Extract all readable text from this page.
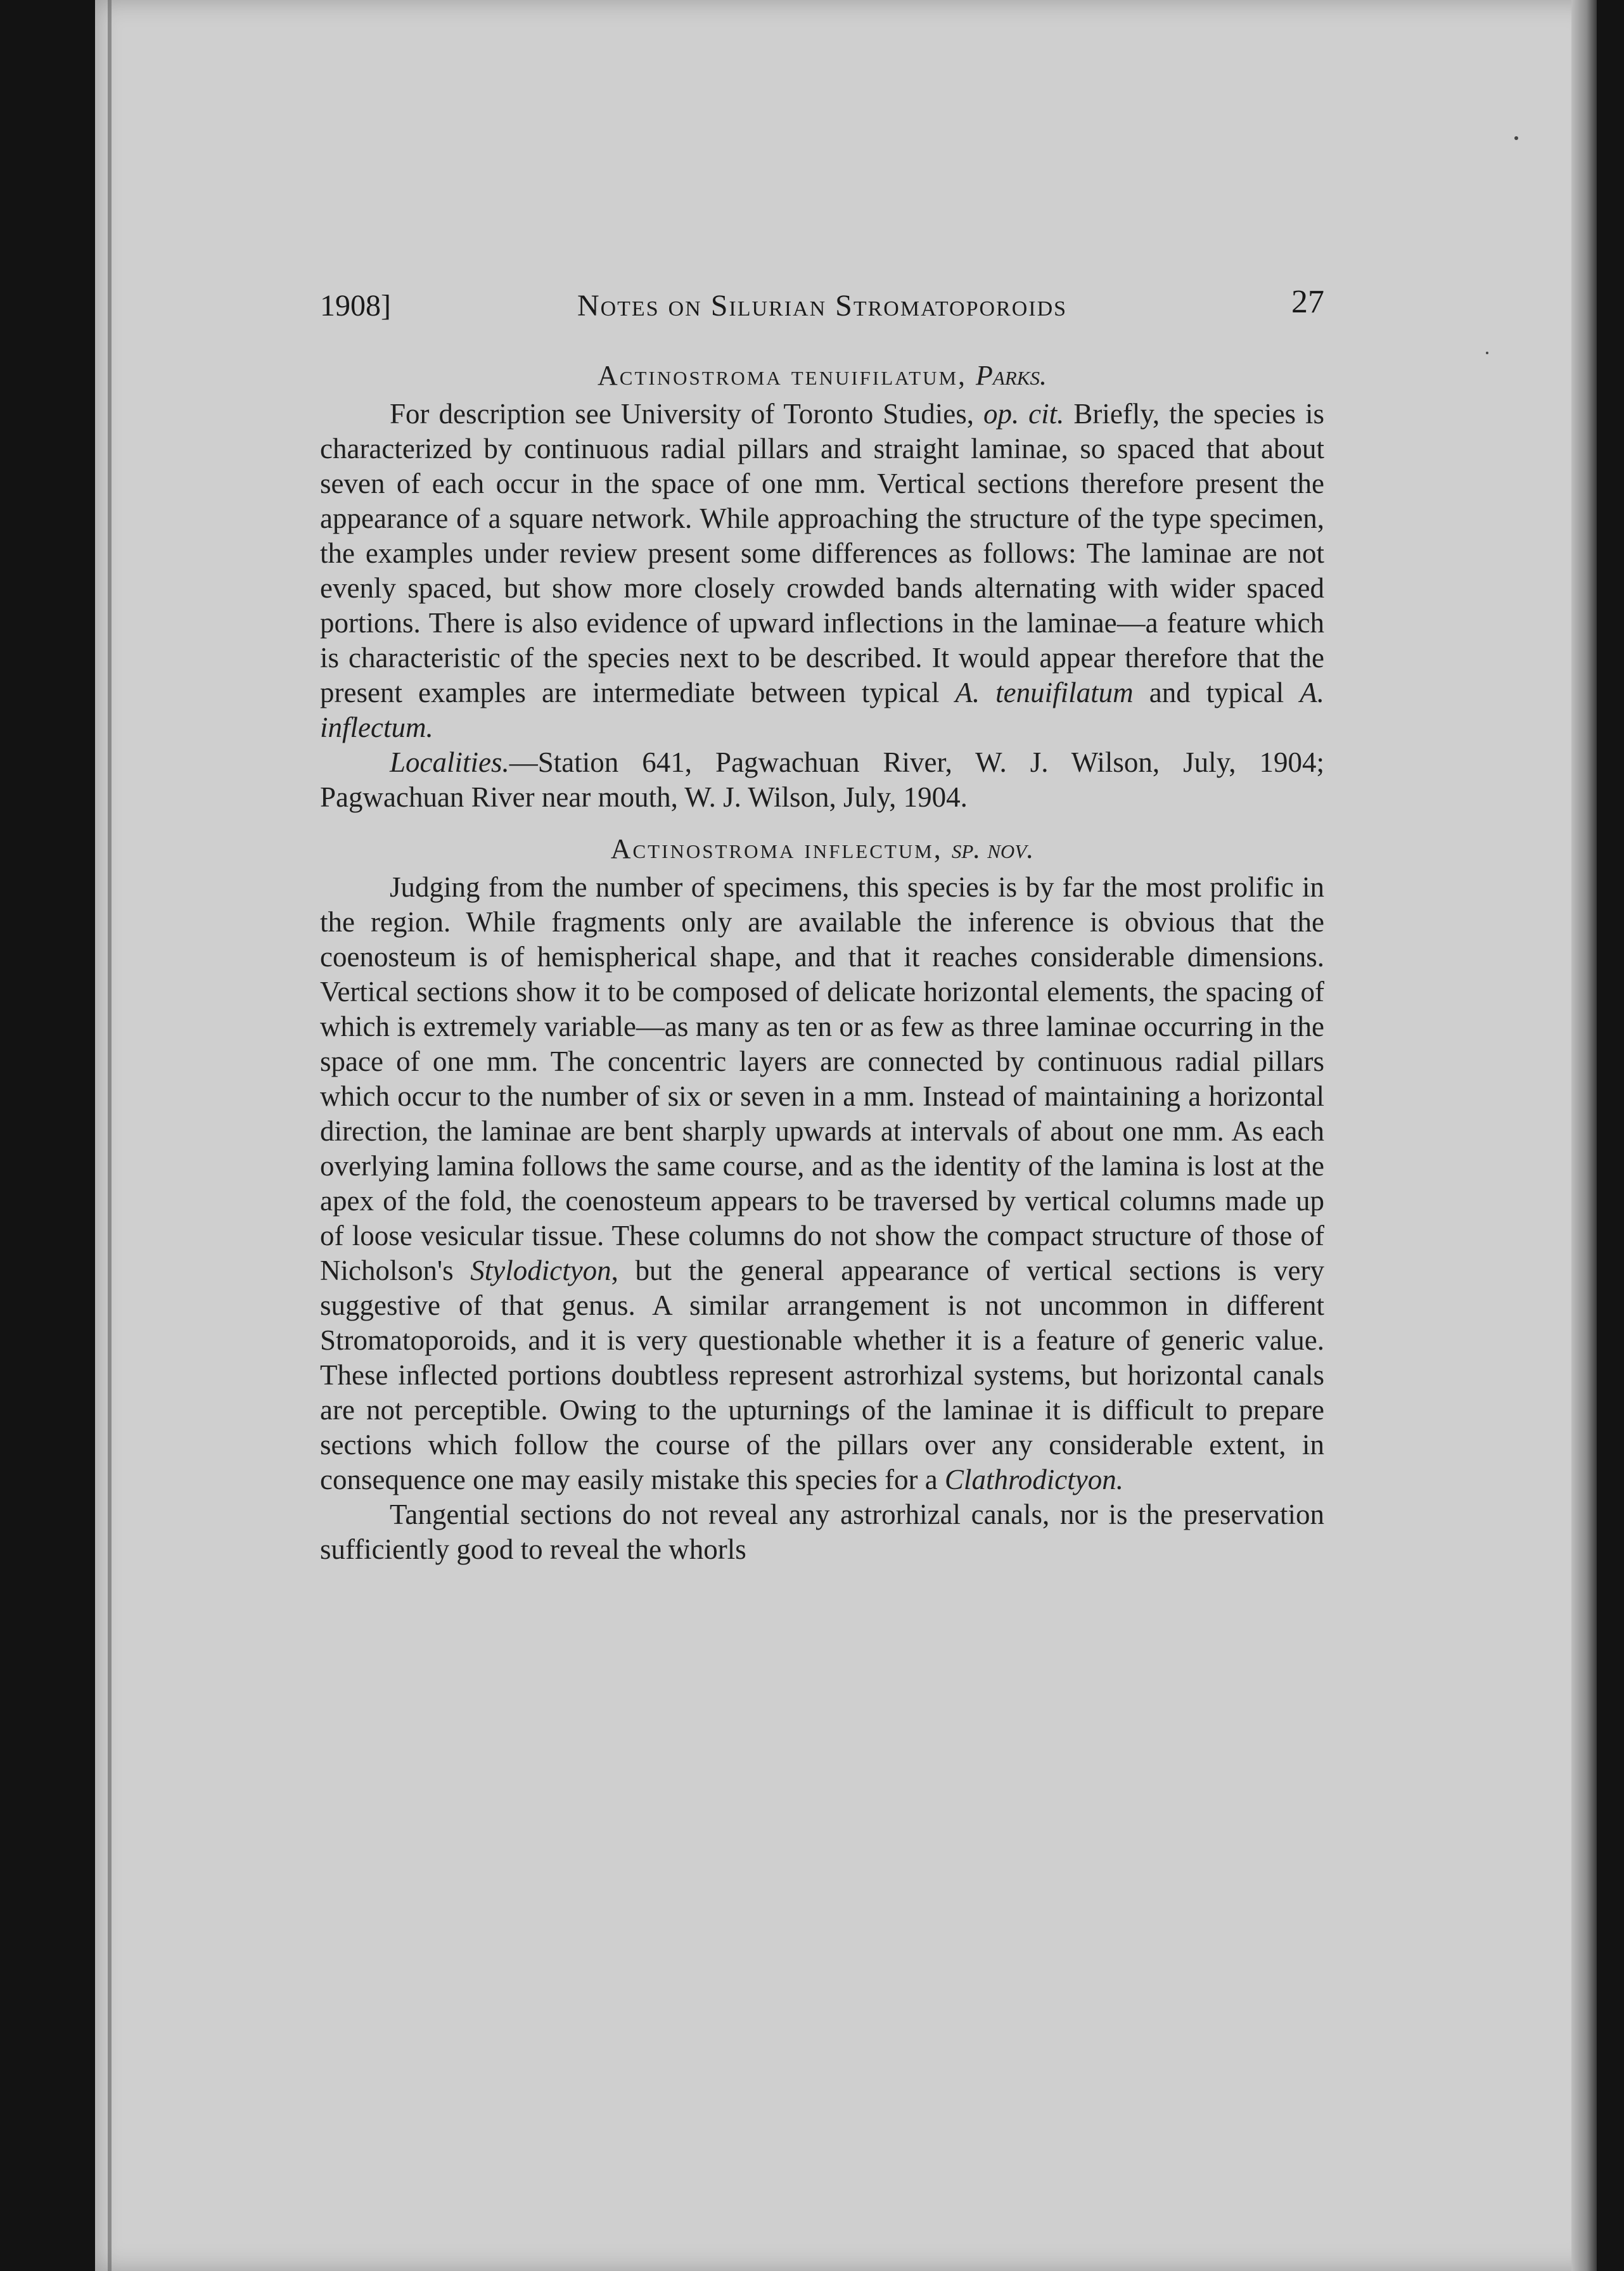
1908]	Notes on Silurian Stromatoporoids	27
Actinostroma tenuifilatum, Parks.

For description see University of Toronto Studies, op. cit. Briefly, the species is characterized by continuous radial pillars and straight laminae, so spaced that about seven of each occur in the space of one mm. Vertical sections therefore present the appearance of a square network. While approaching the structure of the type specimen, the examples under review present some differences as follows: The laminae are not evenly spaced, but show more closely crowded bands alternating with wider spaced portions. There is also evidence of upward inflections in the laminae—a feature which is characteristic of the species next to be described. It would appear therefore that the present examples are intermediate between typical A. tenuifilatum and typical A. inflectum.

Localities.—Station 641, Pagwachuan River, W. J. Wilson, July, 1904; Pagwachuan River near mouth, W. J. Wilson, July, 1904.

Actinostroma inflectum, sp. nov.

Judging from the number of specimens, this species is by far the most prolific in the region. While fragments only are available the inference is obvious that the coenosteum is of hemispherical shape, and that it reaches considerable dimensions. Vertical sections show it to be composed of delicate horizontal elements, the spacing of which is extremely variable—as many as ten or as few as three laminae occurring in the space of one mm. The concentric layers are connected by continuous radial pillars which occur to the number of six or seven in a mm. Instead of maintaining a horizontal direction, the laminae are bent sharply upwards at intervals of about one mm. As each overlying lamina follows the same course, and as the identity of the lamina is lost at the apex of the fold, the coenosteum appears to be traversed by vertical columns made up of loose vesicular tissue. These columns do not show the compact structure of those of Nicholson's Stylodictyon, but the general appearance of vertical sections is very suggestive of that genus. A similar arrangement is not uncommon in different Stromatoporoids, and it is very questionable whether it is a feature of generic value. These inflected portions doubtless represent astrorhizal systems, but horizontal canals are not perceptible. Owing to the upturnings of the laminae it is difficult to prepare sections which follow the course of the pillars over any considerable extent, in consequence one may easily mistake this species for a Clathrodictyon.

Tangential sections do not reveal any astrorhizal canals, nor is the preservation sufficiently good to reveal the whorls
